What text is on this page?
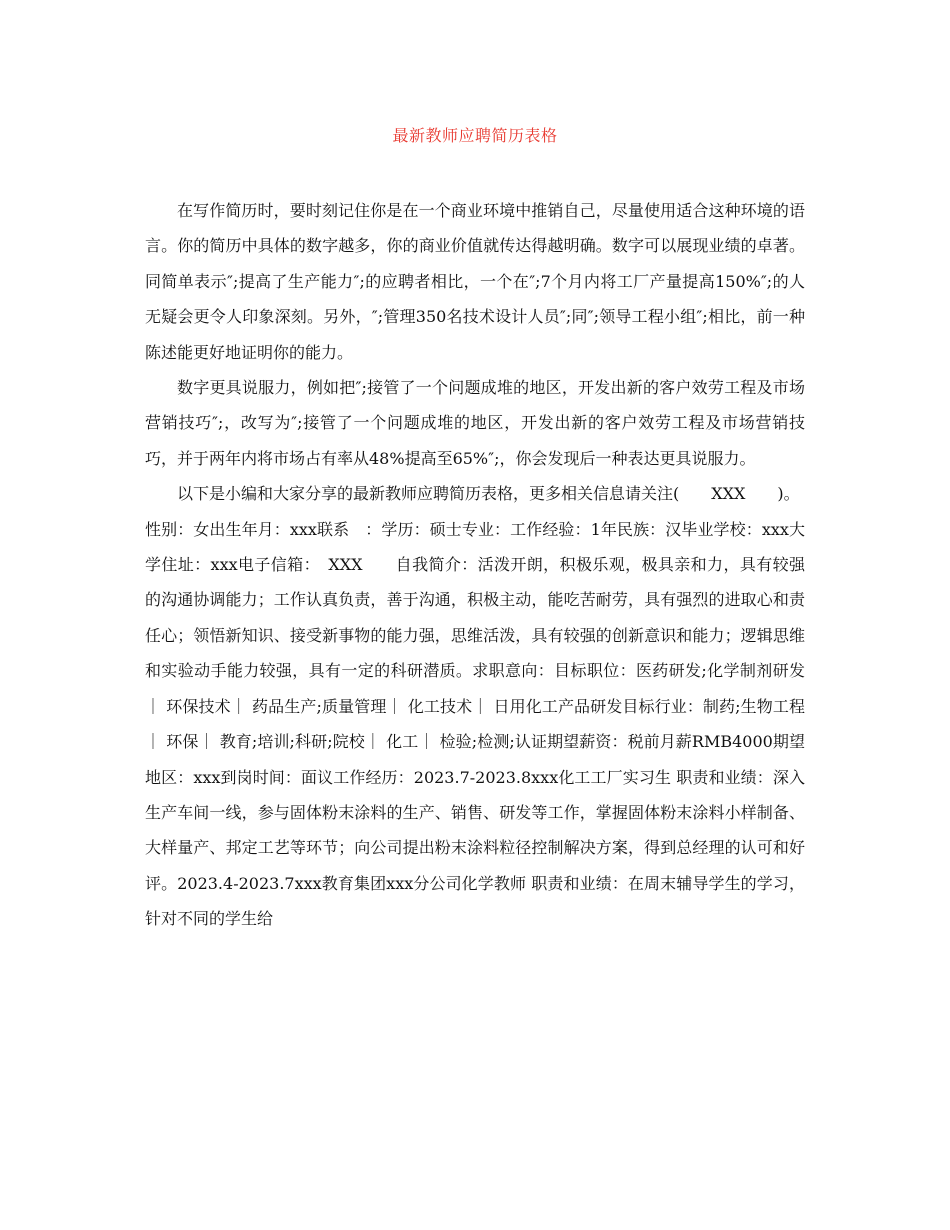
最新教师应聘简历表格

在写作简历时，要时刻记住你是在一个商业环境中推销自己，尽量使用适合这种环境的语言。你的简历中具体的数字越多，你的商业价值就传达得越明确。数字可以展现业绩的卓著。同简单表示″;提高了生产能力″;的应聘者相比，一个在″;7个月内将工厂产量提高150%″;的人无疑会更令人印象深刻。另外，″;管理350名技术设计人员″;同″;领导工程小组″;相比，前一种陈述能更好地证明你的能力。

数字更具说服力，例如把″;接管了一个问题成堆的地区，开发出新的客户效劳工程及市场营销技巧″;，改写为″;接管了一个问题成堆的地区，开发出新的客户效劳工程及市场营销技巧，并于两年内将市场占有率从48%提高至65%″;，你会发现后一种表达更具说服力。

以下是小编和大家分享的最新教师应聘简历表格，更多相关信息请关注(　　XXX　　)。

性别：女出生年月：xxx联系　：学历：硕士专业：工作经验：1年民族：汉毕业学校：xxx大学住址：xxx电子信箱：　XXX　　自我简介：活泼开朗，积极乐观，极具亲和力，具有较强的沟通协调能力；工作认真负责，善于沟通，积极主动，能吃苦耐劳，具有强烈的进取心和责任心；领悟新知识、接受新事物的能力强，思维活泼，具有较强的创新意识和能力；逻辑思维和实验动手能力较强，具有一定的科研潜质。求职意向：目标职位：医药研发;化学制剂研发｜ 环保技术｜ 药品生产;质量管理｜ 化工技术｜ 日用化工产品研发目标行业：制药;生物工程｜ 环保｜ 教育;培训;科研;院校｜ 化工｜ 检验;检测;认证期望薪资：税前月薪RMB4000期望地区：xxx到岗时间：面议工作经历：2023.7-2023.8xxx化工工厂实习生 职责和业绩：深入生产车间一线，参与固体粉末涂料的生产、销售、研发等工作，掌握固体粉末涂料小样制备、大样量产、邦定工艺等环节；向公司提出粉末涂料粒径控制解决方案，得到总经理的认可和好评。2023.4-2023.7xxx教育集团xxx分公司化学教师 职责和业绩：在周末辅导学生的学习，针对不同的学生给
